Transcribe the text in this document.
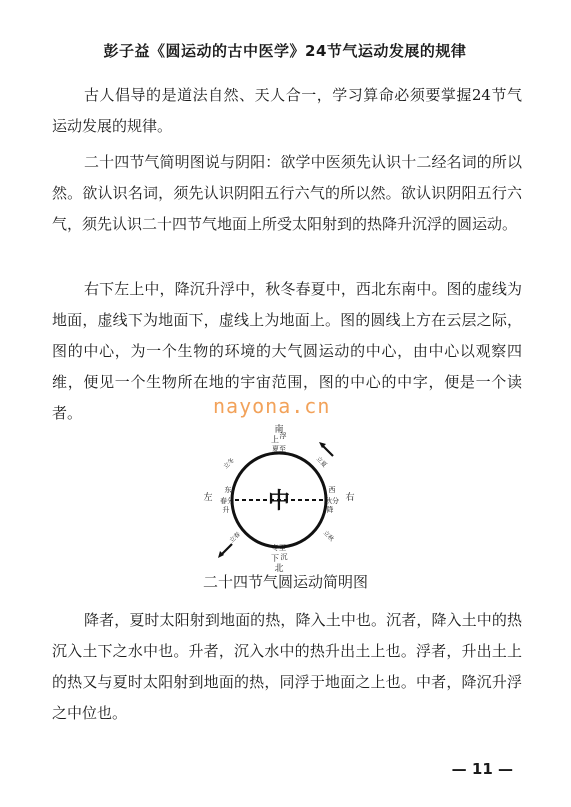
彭子益《圆运动的古中医学》24节气运动发展的规律

古人倡导的是道法自然、天人合一，学习算命必须要掌握24节气运动发展的规律。

二十四节气简明图说与阴阳：欲学中医须先认识十二经名词的所以然。欲认识名词，须先认识阴阳五行六气的所以然。欲认识阴阳五行六气，须先认识二十四节气地面上所受太阳射到的热降升沉浮的圆运动。

右下左上中，降沉升浮中，秋冬春夏中，西北东南中。图的虚线为地面，虚线下为地面下，虚线上为地面上。图的圆线上方在云层之际，图的中心，为一个生物的环境的大气圆运动的中心，由中心以观察四维，便见一个生物所在地的宇宙范围，图的中心的中字，便是一个读者。	nayona.cn
中
南
上 浮
夏至
西
秋分
降
右
东
春分
升
左
冬至
下 沉
北
立冬	立夏
立春	立秋
二十四节气圆运动简明图

降者，夏时太阳射到地面的热，降入土中也。沉者，降入土中的热沉入土下之水中也。升者，沉入水中的热升出土上也。浮者，升出土上的热又与夏时太阳射到地面的热，同浮于地面之上也。中者，降沉升浮之中位也。

— 11 —
